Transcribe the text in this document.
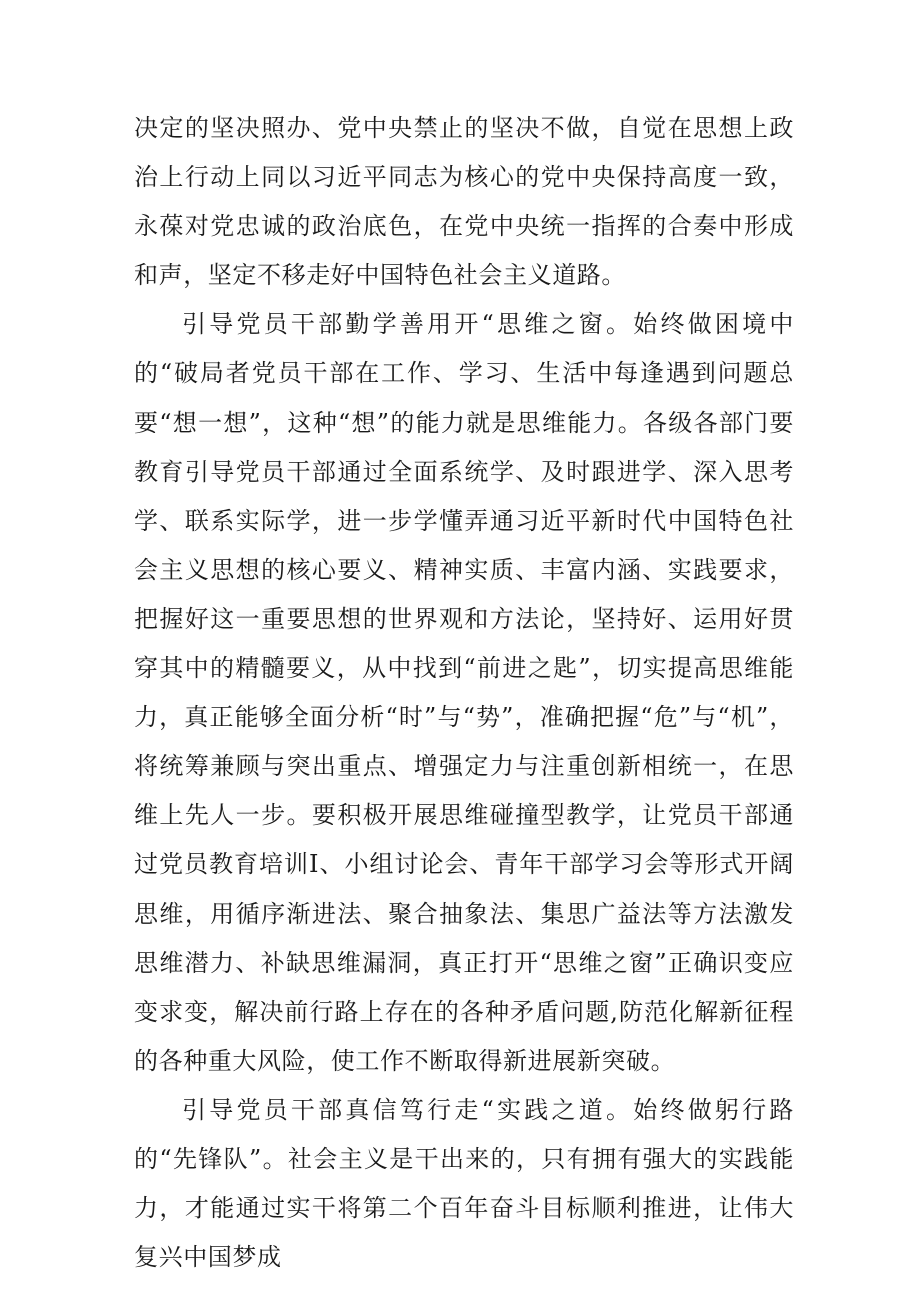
决定的坚决照办、党中央禁止的坚决不做，自觉在思想上政治上行动上同以习近平同志为核心的党中央保持高度一致，永葆对党忠诚的政治底色，在党中央统一指挥的合奏中形成和声，坚定不移走好中国特色社会主义道路。

引导党员干部勤学善用开“思维之窗。始终做困境中的“破局者党员干部在工作、学习、生活中每逢遇到问题总要“想一想”，这种“想”的能力就是思维能力。各级各部门要教育引导党员干部通过全面系统学、及时跟进学、深入思考学、联系实际学，进一步学懂弄通习近平新时代中国特色社会主义思想的核心要义、精神实质、丰富内涵、实践要求，把握好这一重要思想的世界观和方法论，坚持好、运用好贯穿其中的精髓要义，从中找到“前进之匙”，切实提高思维能力，真正能够全面分析“时”与“势”，准确把握“危”与“机”，将统筹兼顾与突出重点、增强定力与注重创新相统一，在思维上先人一步。要积极开展思维碰撞型教学，让党员干部通过党员教育培训I、小组讨论会、青年干部学习会等形式开阔思维，用循序渐进法、聚合抽象法、集思广益法等方法激发思维潜力、补缺思维漏洞，真正打开“思维之窗”正确识变应变求变，解决前行路上存在的各种矛盾问题,防范化解新征程的各种重大风险，使工作不断取得新进展新突破。

引导党员干部真信笃行走“实践之道。始终做躬行路的“先锋队”。社会主义是干出来的，只有拥有强大的实践能力，才能通过实干将第二个百年奋斗目标顺利推进，让伟大复兴中国梦成
